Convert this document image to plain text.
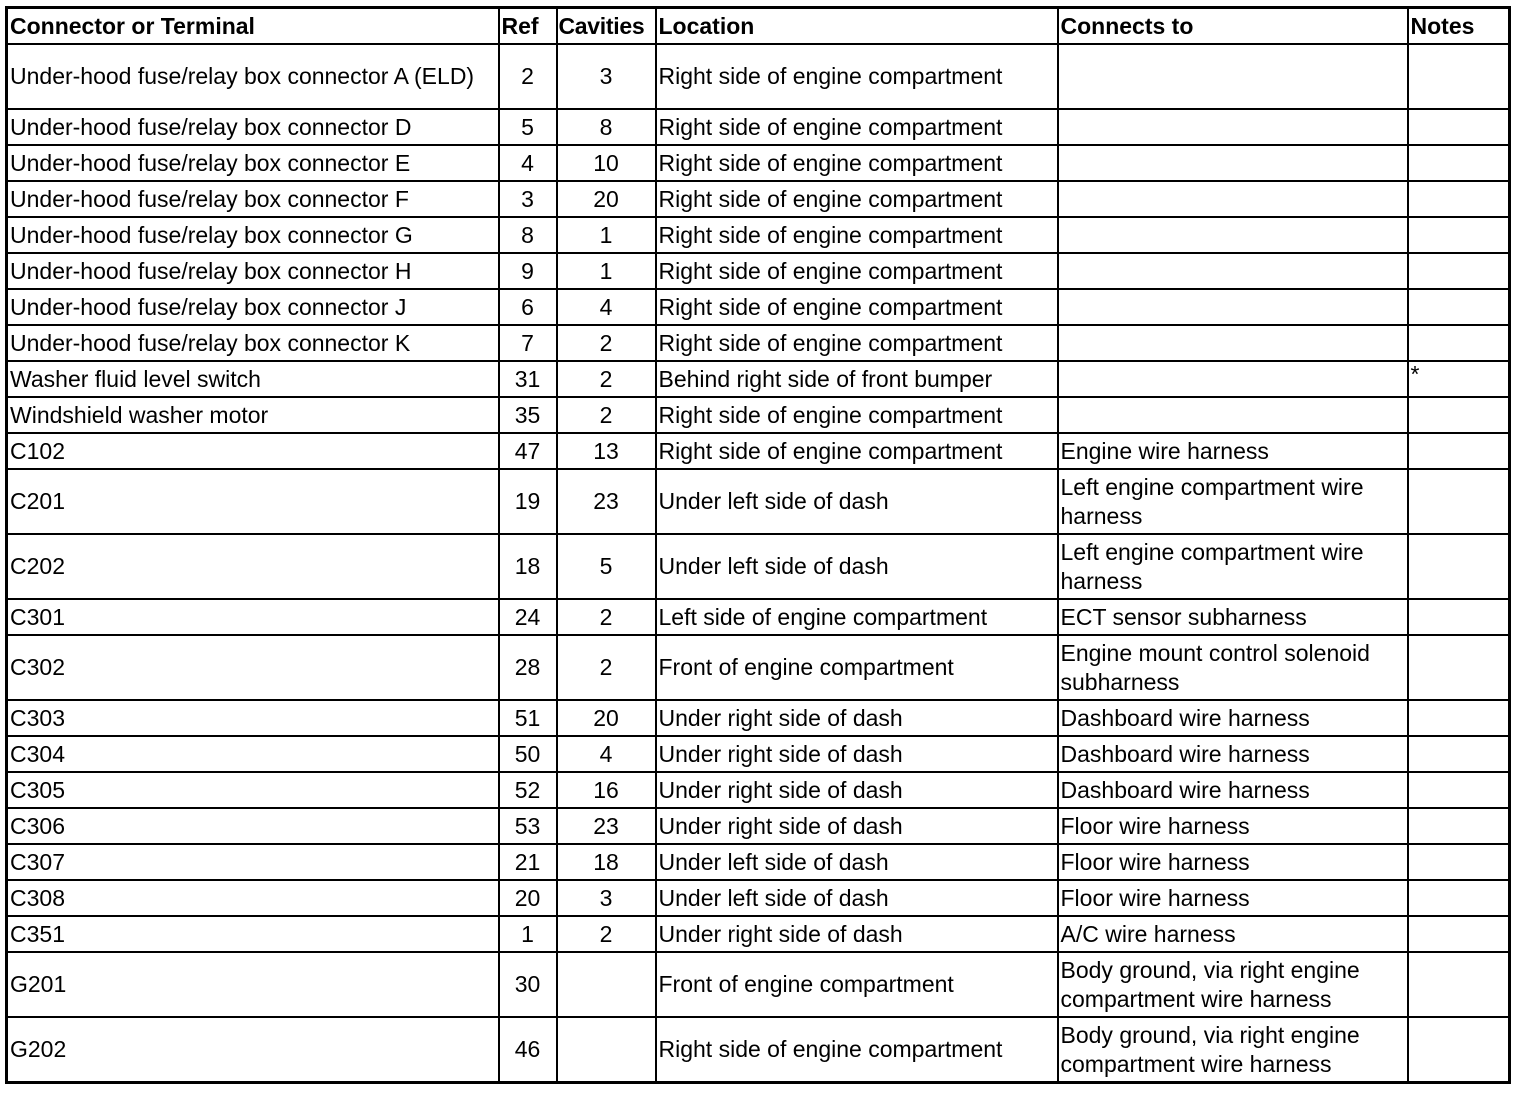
Connector or Terminal	Ref	Cavities	Location	Connects to	Notes
Under-hood fuse/relay box connector A (ELD)	2	3	Right side of engine compartment		
Under-hood fuse/relay box connector D	5	8	Right side of engine compartment		
Under-hood fuse/relay box connector E	4	10	Right side of engine compartment		
Under-hood fuse/relay box connector F	3	20	Right side of engine compartment		
Under-hood fuse/relay box connector G	8	1	Right side of engine compartment		
Under-hood fuse/relay box connector H	9	1	Right side of engine compartment		
Under-hood fuse/relay box connector J	6	4	Right side of engine compartment		
Under-hood fuse/relay box connector K	7	2	Right side of engine compartment		
Washer fluid level switch	31	2	Behind right side of front bumper		*
Windshield washer motor	35	2	Right side of engine compartment		
C102	47	13	Right side of engine compartment	Engine wire harness	
C201	19	23	Under left side of dash	Left engine compartment wire harness	
C202	18	5	Under left side of dash	Left engine compartment wire harness	
C301	24	2	Left side of engine compartment	ECT sensor subharness	
C302	28	2	Front of engine compartment	Engine mount control solenoid subharness	
C303	51	20	Under right side of dash	Dashboard wire harness	
C304	50	4	Under right side of dash	Dashboard wire harness	
C305	52	16	Under right side of dash	Dashboard wire harness	
C306	53	23	Under right side of dash	Floor wire harness	
C307	21	18	Under left side of dash	Floor wire harness	
C308	20	3	Under left side of dash	Floor wire harness	
C351	1	2	Under right side of dash	A/C wire harness	
G201	30		Front of engine compartment	Body ground, via right engine compartment wire harness	
G202	46		Right side of engine compartment	Body ground, via right engine compartment wire harness	
